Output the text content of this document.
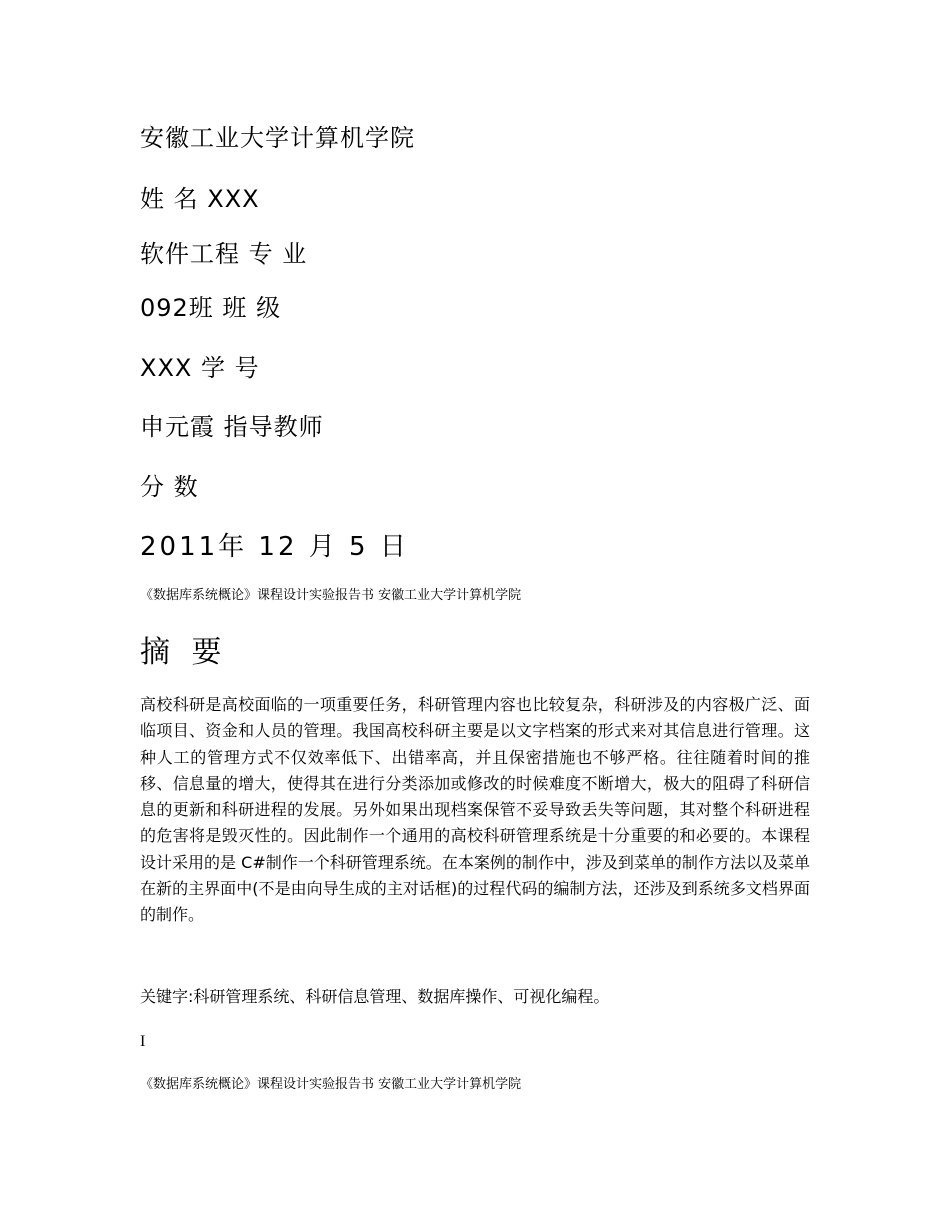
安徽工业大学计算机学院
姓 名 XXX
软件工程 专 业
092班 班 级
XXX 学 号
申元霞 指导教师
分 数
2011年 12 月 5 日
《数据库系统概论》课程设计实验报告书 安徽工业大学计算机学院
摘 要
高校科研是高校面临的一项重要任务，科研管理内容也比较复杂，科研涉及的内容极广泛、面临项目、资金和人员的管理。我国高校科研主要是以文字档案的形式来对其信息进行管理。这种人工的管理方式不仅效率低下、出错率高，并且保密措施也不够严格。往往随着时间的推移、信息量的增大，使得其在进行分类添加或修改的时候难度不断增大，极大的阻碍了科研信息的更新和科研进程的发展。另外如果出现档案保管不妥导致丢失等问题，其对整个科研进程的危害将是毁灭性的。因此制作一个通用的高校科研管理系统是十分重要的和必要的。本课程设计采用的是 C#制作一个科研管理系统。在本案例的制作中，涉及到菜单的制作方法以及菜单在新的主界面中(不是由向导生成的主对话框)的过程代码的编制方法，还涉及到系统多文档界面的制作。
关键字:科研管理系统、科研信息管理、数据库操作、可视化编程。
I
《数据库系统概论》课程设计实验报告书 安徽工业大学计算机学院
